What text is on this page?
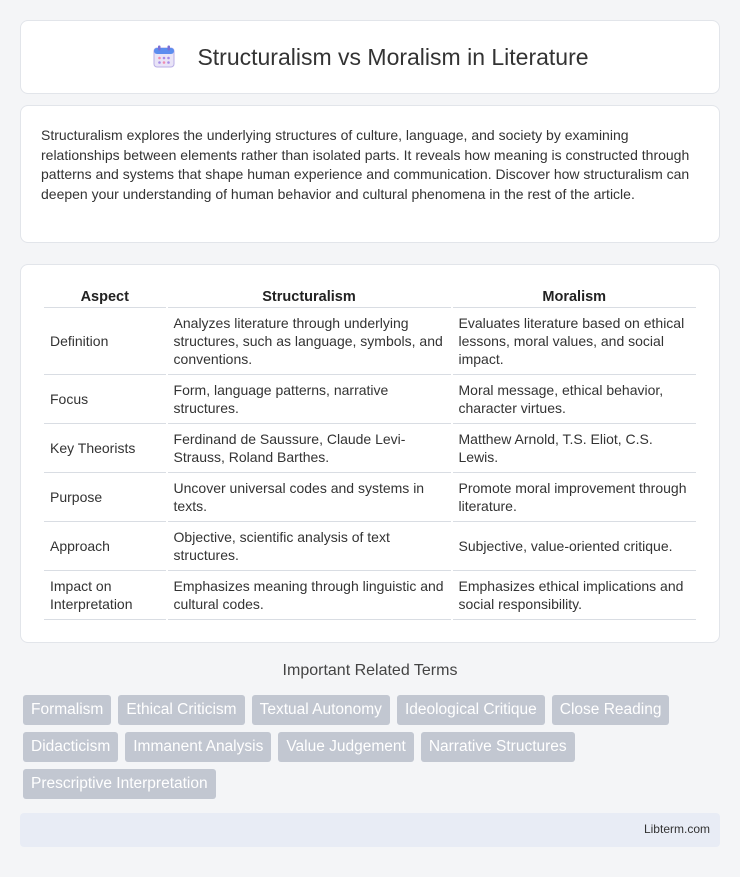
Structuralism vs Moralism in Literature

Structuralism explores the underlying structures of culture, language, and society by examining relationships between elements rather than isolated parts. It reveals how meaning is constructed through patterns and systems that shape human experience and communication. Discover how structuralism can deepen your understanding of human behavior and cultural phenomena in the rest of the article.

Aspect	Structuralism	Moralism
Definition	Analyzes literature through underlying structures, such as language, symbols, and conventions.	Evaluates literature based on ethical lessons, moral values, and social impact.
Focus	Form, language patterns, narrative structures.	Moral message, ethical behavior, character virtues.
Key Theorists	Ferdinand de Saussure, Claude Levi-Strauss, Roland Barthes.	Matthew Arnold, T.S. Eliot, C.S. Lewis.
Purpose	Uncover universal codes and systems in texts.	Promote moral improvement through literature.
Approach	Objective, scientific analysis of text structures.	Subjective, value-oriented critique.
Impact on Interpretation	Emphasizes meaning through linguistic and cultural codes.	Emphasizes ethical implications and social responsibility.
Important Related Terms
Formalism	Ethical Criticism	Textual Autonomy	Ideological Critique	Close Reading
Didacticism	Immanent Analysis	Value Judgement	Narrative Structures
Prescriptive Interpretation
Libterm.com
